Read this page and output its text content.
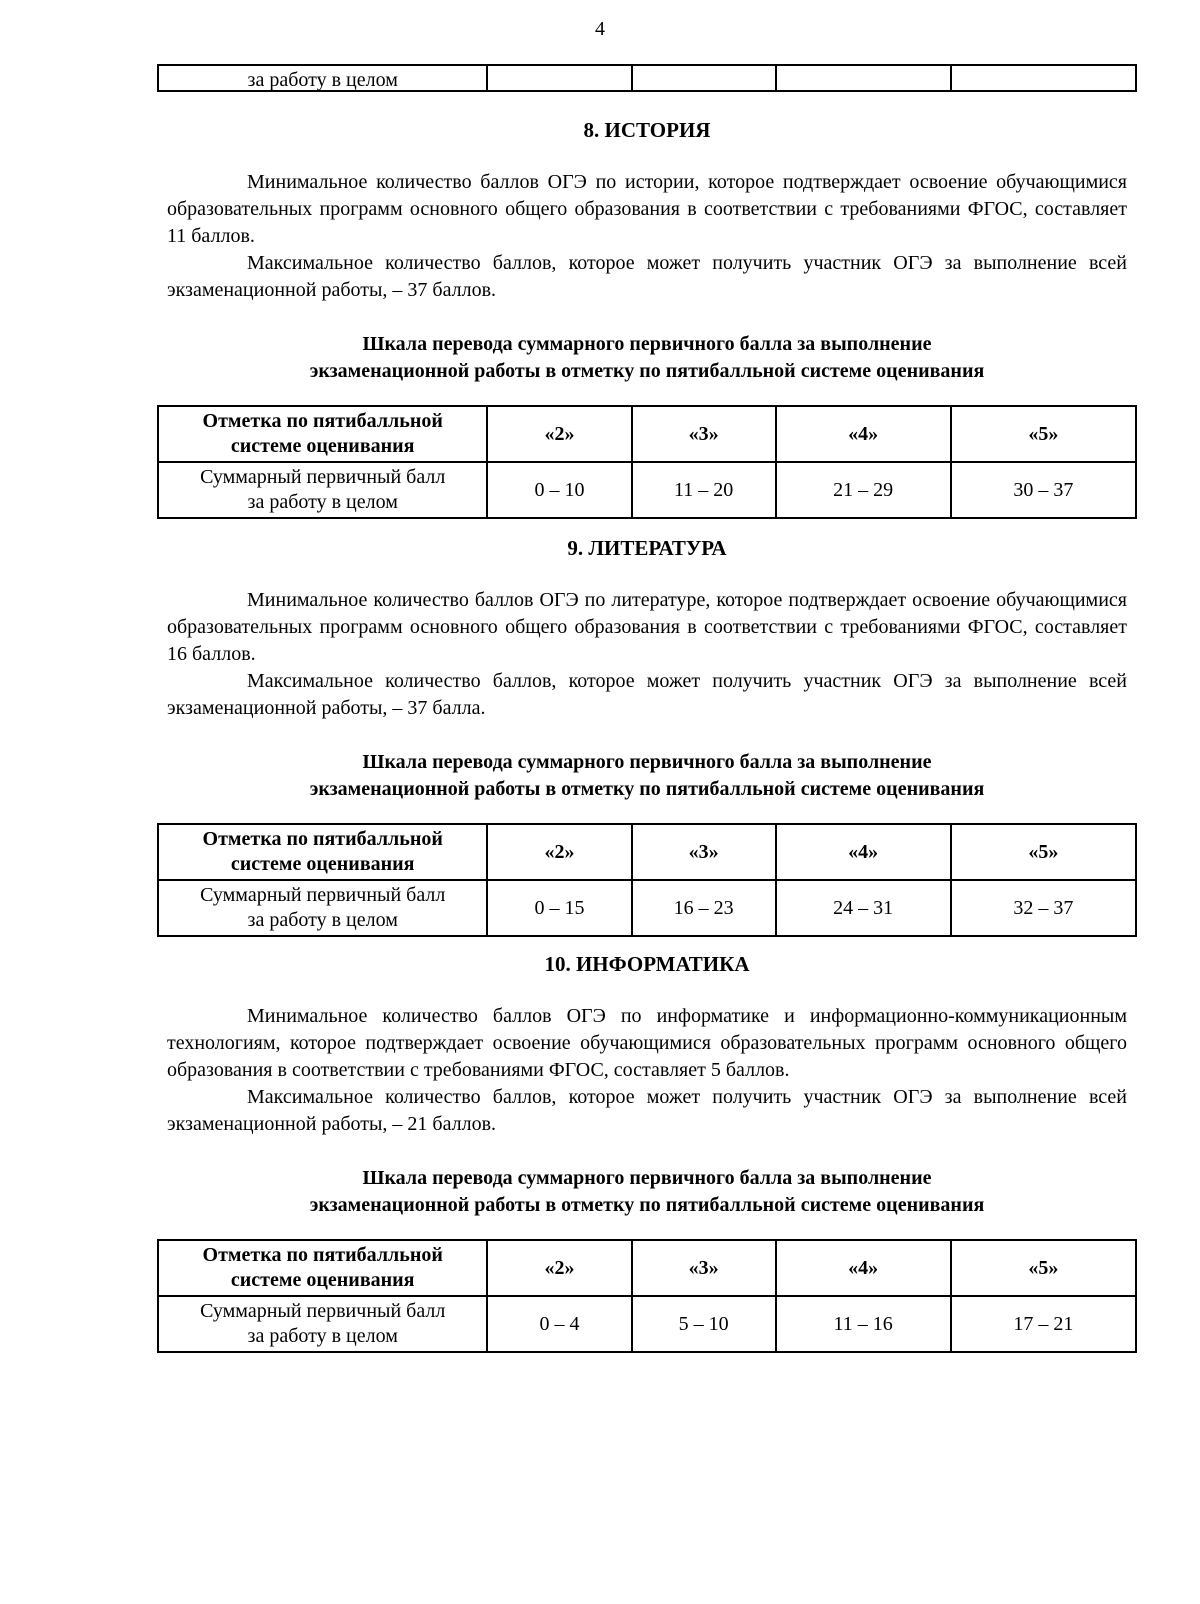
4
за работу в целом				
8. ИСТОРИЯ

Минимальное количество баллов ОГЭ по истории, которое подтверждает освоение обучающимися образовательных программ основного общего образования в соответствии с требованиями ФГОС, составляет 11 баллов.

Максимальное количество баллов, которое может получить участник ОГЭ за выполнение всей экзаменационной работы, – 37 баллов.

Шкала перевода суммарного первичного балла за выполнение
экзаменационной работы в отметку по пятибалльной системе оценивания
Отметка по пятибалльной
системе оценивания	«2»	«3»	«4»	«5»
Суммарный первичный балл
за работу в целом	0 – 10	11 – 20	21 – 29	30 – 37
9. ЛИТЕРАТУРА

Минимальное количество баллов ОГЭ по литературе, которое подтверждает освоение обучающимися образовательных программ основного общего образования в соответствии с требованиями ФГОС, составляет 16 баллов.

Максимальное количество баллов, которое может получить участник ОГЭ за выполнение всей экзаменационной работы, – 37 балла.

Шкала перевода суммарного первичного балла за выполнение
экзаменационной работы в отметку по пятибалльной системе оценивания
Отметка по пятибалльной
системе оценивания	«2»	«3»	«4»	«5»
Суммарный первичный балл
за работу в целом	0 – 15	16 – 23	24 – 31	32 – 37
10. ИНФОРМАТИКА

Минимальное количество баллов ОГЭ по информатике и информационно-коммуникационным технологиям, которое подтверждает освоение обучающимися образовательных программ основного общего образования в соответствии с требованиями ФГОС, составляет 5 баллов.

Максимальное количество баллов, которое может получить участник ОГЭ за выполнение всей экзаменационной работы, – 21 баллов.

Шкала перевода суммарного первичного балла за выполнение
экзаменационной работы в отметку по пятибалльной системе оценивания
Отметка по пятибалльной
системе оценивания	«2»	«3»	«4»	«5»
Суммарный первичный балл
за работу в целом	0 – 4	5 – 10	11 – 16	17 – 21
